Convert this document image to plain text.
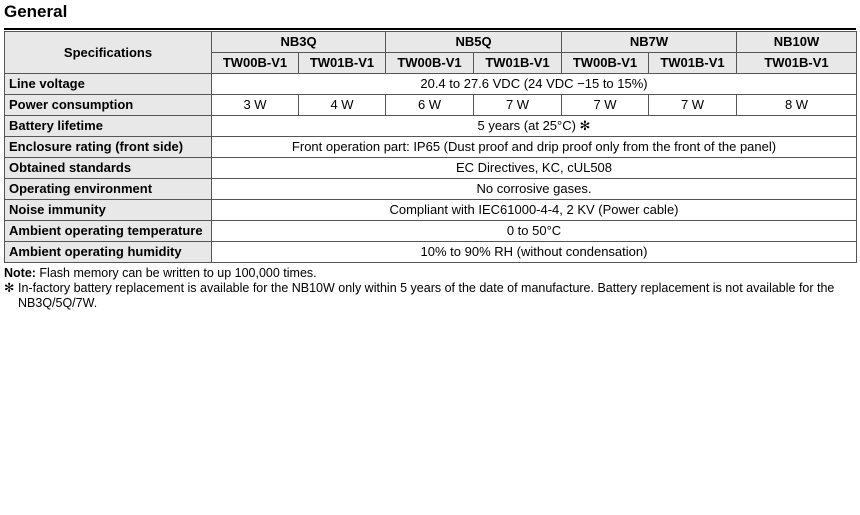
General
Specifications	NB3Q		NB5Q		NB7W		NB10W
	TW00B-V1	TW01B-V1	TW00B-V1	TW01B-V1	TW00B-V1	TW01B-V1	TW01B-V1
Line voltage	20.4 to 27.6 VDC (24 VDC −15 to 15%)						
Power consumption	3 W	4 W	6 W	7 W	7 W	7 W	8 W
Battery lifetime	5 years (at 25°C) ✻						
Enclosure rating (front side)	Front operation part: IP65 (Dust proof and drip proof only from the front of the panel)						
Obtained standards	EC Directives, KC, cUL508						
Operating environment	No corrosive gases.						
Noise immunity	Compliant with IEC61000-4-4, 2 KV (Power cable)						
Ambient operating temperature	0 to 50°C						
Ambient operating humidity	10% to 90% RH (without condensation)						
Note: Flash memory can be written to up 100,000 times.
✻ In-factory battery replacement is available for the NB10W only within 5 years of the date of manufacture. Battery replacement is not available for the NB3Q/5Q/7W.
